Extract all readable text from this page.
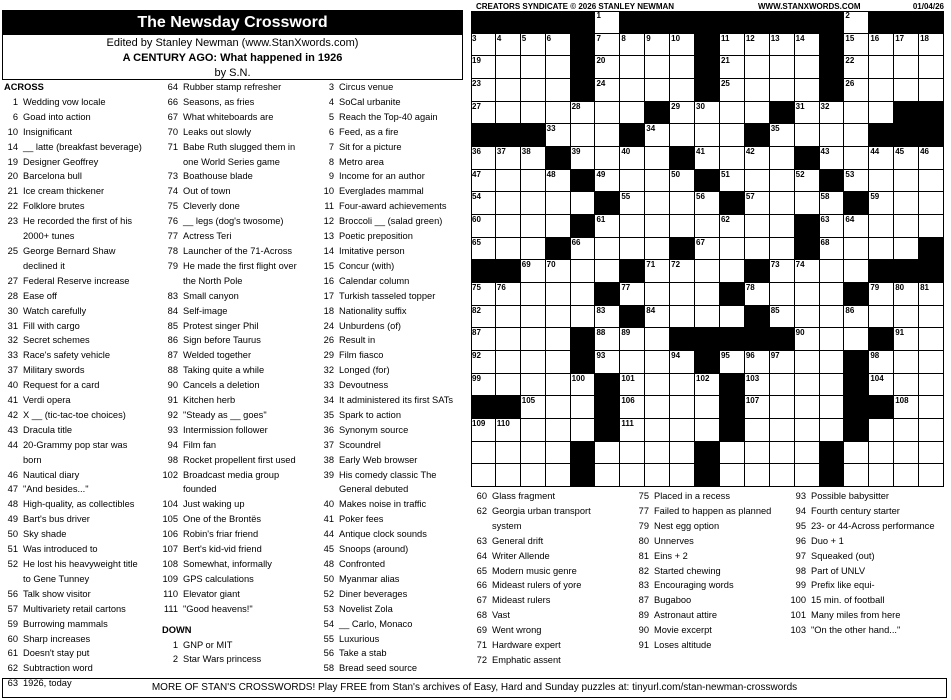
The Newsday Crossword
Edited by Stanley Newman (www.StanXwords.com)
A CENTURY AGO: What happened in 1926
by S.N.
CREATORS SYNDICATE © 2026 STANLEY NEWMAN	WWW.STANXWORDS.COM	01/04/26
1	2
3	4	5	6	7	8	9	10	11 12 13 14	15 16 17 18
19	20	21	22
23	24	25	26
27	28	29 30	31 32
33	34	35
36 37 38	39	40	41	42	43	44 45 46
47	48	49	50	51	52	53
54	55	56	57	58	59
60	61	62	63 64
65	66	67	68
69 70	71 72	73 74
75 76	77	78	79 80 81
82	83	84	85	86
87	88 89	90	91
92	93	94	95 96 97	98
99	100	101	102	103	104
105	106	107	108
109 110	111
ACROSS
1 Wedding vow locale
6 Goad into action
10 Insignificant
14 __ latte (breakfast beverage)
19 Designer Geoffrey
20 Barcelona bull
21 Ice cream thickener
22 Folklore brutes
23 He recorded the first of his
2000+ tunes
25 George Bernard Shaw
declined it
27 Federal Reserve increase
28 Ease off
30 Watch carefully
31 Fill with cargo
32 Secret schemes
33 Race's safety vehicle
37 Military swords
40 Request for a card
41 Verdi opera
42 X __ (tic-tac-toe choices)
43 Dracula title
44 20-Grammy pop star was
born
46 Nautical diary
47 "And besides..."
48 High-quality, as collectibles
49 Bart's bus driver
50 Sky shade
51 Was introduced to
52 He lost his heavyweight title
to Gene Tunney
56 Talk show visitor
57 Multivariety retail cartons
59 Burrowing mammals
60 Sharp increases
61 Doesn't stay put
62 Subtraction word
63 1926, today
64 Rubber stamp refresher
66 Seasons, as fries
67 What whiteboards are
70 Leaks out slowly
71 Babe Ruth slugged them in
one World Series game
73 Boathouse blade
74 Out of town
75 Cleverly done
76 __ legs (dog's twosome)
77 Actress Teri
78 Launcher of the 71-Across
79 He made the first flight over
the North Pole
83 Small canyon
84 Self-image
85 Protest singer Phil
86 Sign before Taurus
87 Welded together
88 Taking quite a while
90 Cancels a deletion
91 Kitchen herb
92 "Steady as __ goes"
93 Intermission follower
94 Film fan
98 Rocket propellent first used
102 Broadcast media group
founded
104 Just waking up
105 One of the Brontës
106 Robin's friar friend
107 Bert's kid-vid friend
108 Somewhat, informally
109 GPS calculations
110 Elevator giant
111 "Good heavens!"
DOWN
1 GNP or MIT
2 Star Wars princess
3 Circus venue
4 SoCal urbanite
5 Reach the Top-40 again
6 Feed, as a fire
7 Sit for a picture
8 Metro area
9 Income for an author
10 Everglades mammal
11 Four-award achievements
12 Broccoli __ (salad green)
13 Poetic preposition
14 Imitative person
15 Concur (with)
16 Calendar column
17 Turkish tasseled topper
18 Nationality suffix
24 Unburdens (of)
26 Result in
29 Film fiasco
32 Longed (for)
33 Devoutness
34 It administered its first SATs
35 Spark to action
36 Synonym source
37 Scoundrel
38 Early Web browser
39 His comedy classic The
General debuted
40 Makes noise in traffic
41 Poker fees
44 Antique clock sounds
45 Snoops (around)
48 Confronted
50 Myanmar alias
52 Diner beverages
53 Novelist Zola
54 __ Carlo, Monaco
55 Luxurious
56 Take a stab
58 Bread seed source
60 Glass fragment
62 Georgia urban transport
system
63 General drift
64 Writer Allende
65 Modern music genre
66 Mideast rulers of yore
67 Mideast rulers
68 Vast
69 Went wrong
71 Hardware expert
72 Emphatic assent
75 Placed in a recess
77 Failed to happen as planned
79 Nest egg option
80 Unnerves
81 Eins + 2
82 Started chewing
83 Encouraging words
87 Bugaboo
89 Astronaut attire
90 Movie excerpt
91 Loses altitude
93 Possible babysitter
94 Fourth century starter
95 23- or 44-Across performance
96 Duo + 1
97 Squeaked (out)
98 Part of UNLV
99 Prefix like equi-
100 15 min. of football
101 Many miles from here
103 "On the other hand..."
MORE OF STAN'S CROSSWORDS! Play FREE from Stan's archives of Easy, Hard and Sunday puzzles at: tinyurl.com/stan-newman-crosswords
